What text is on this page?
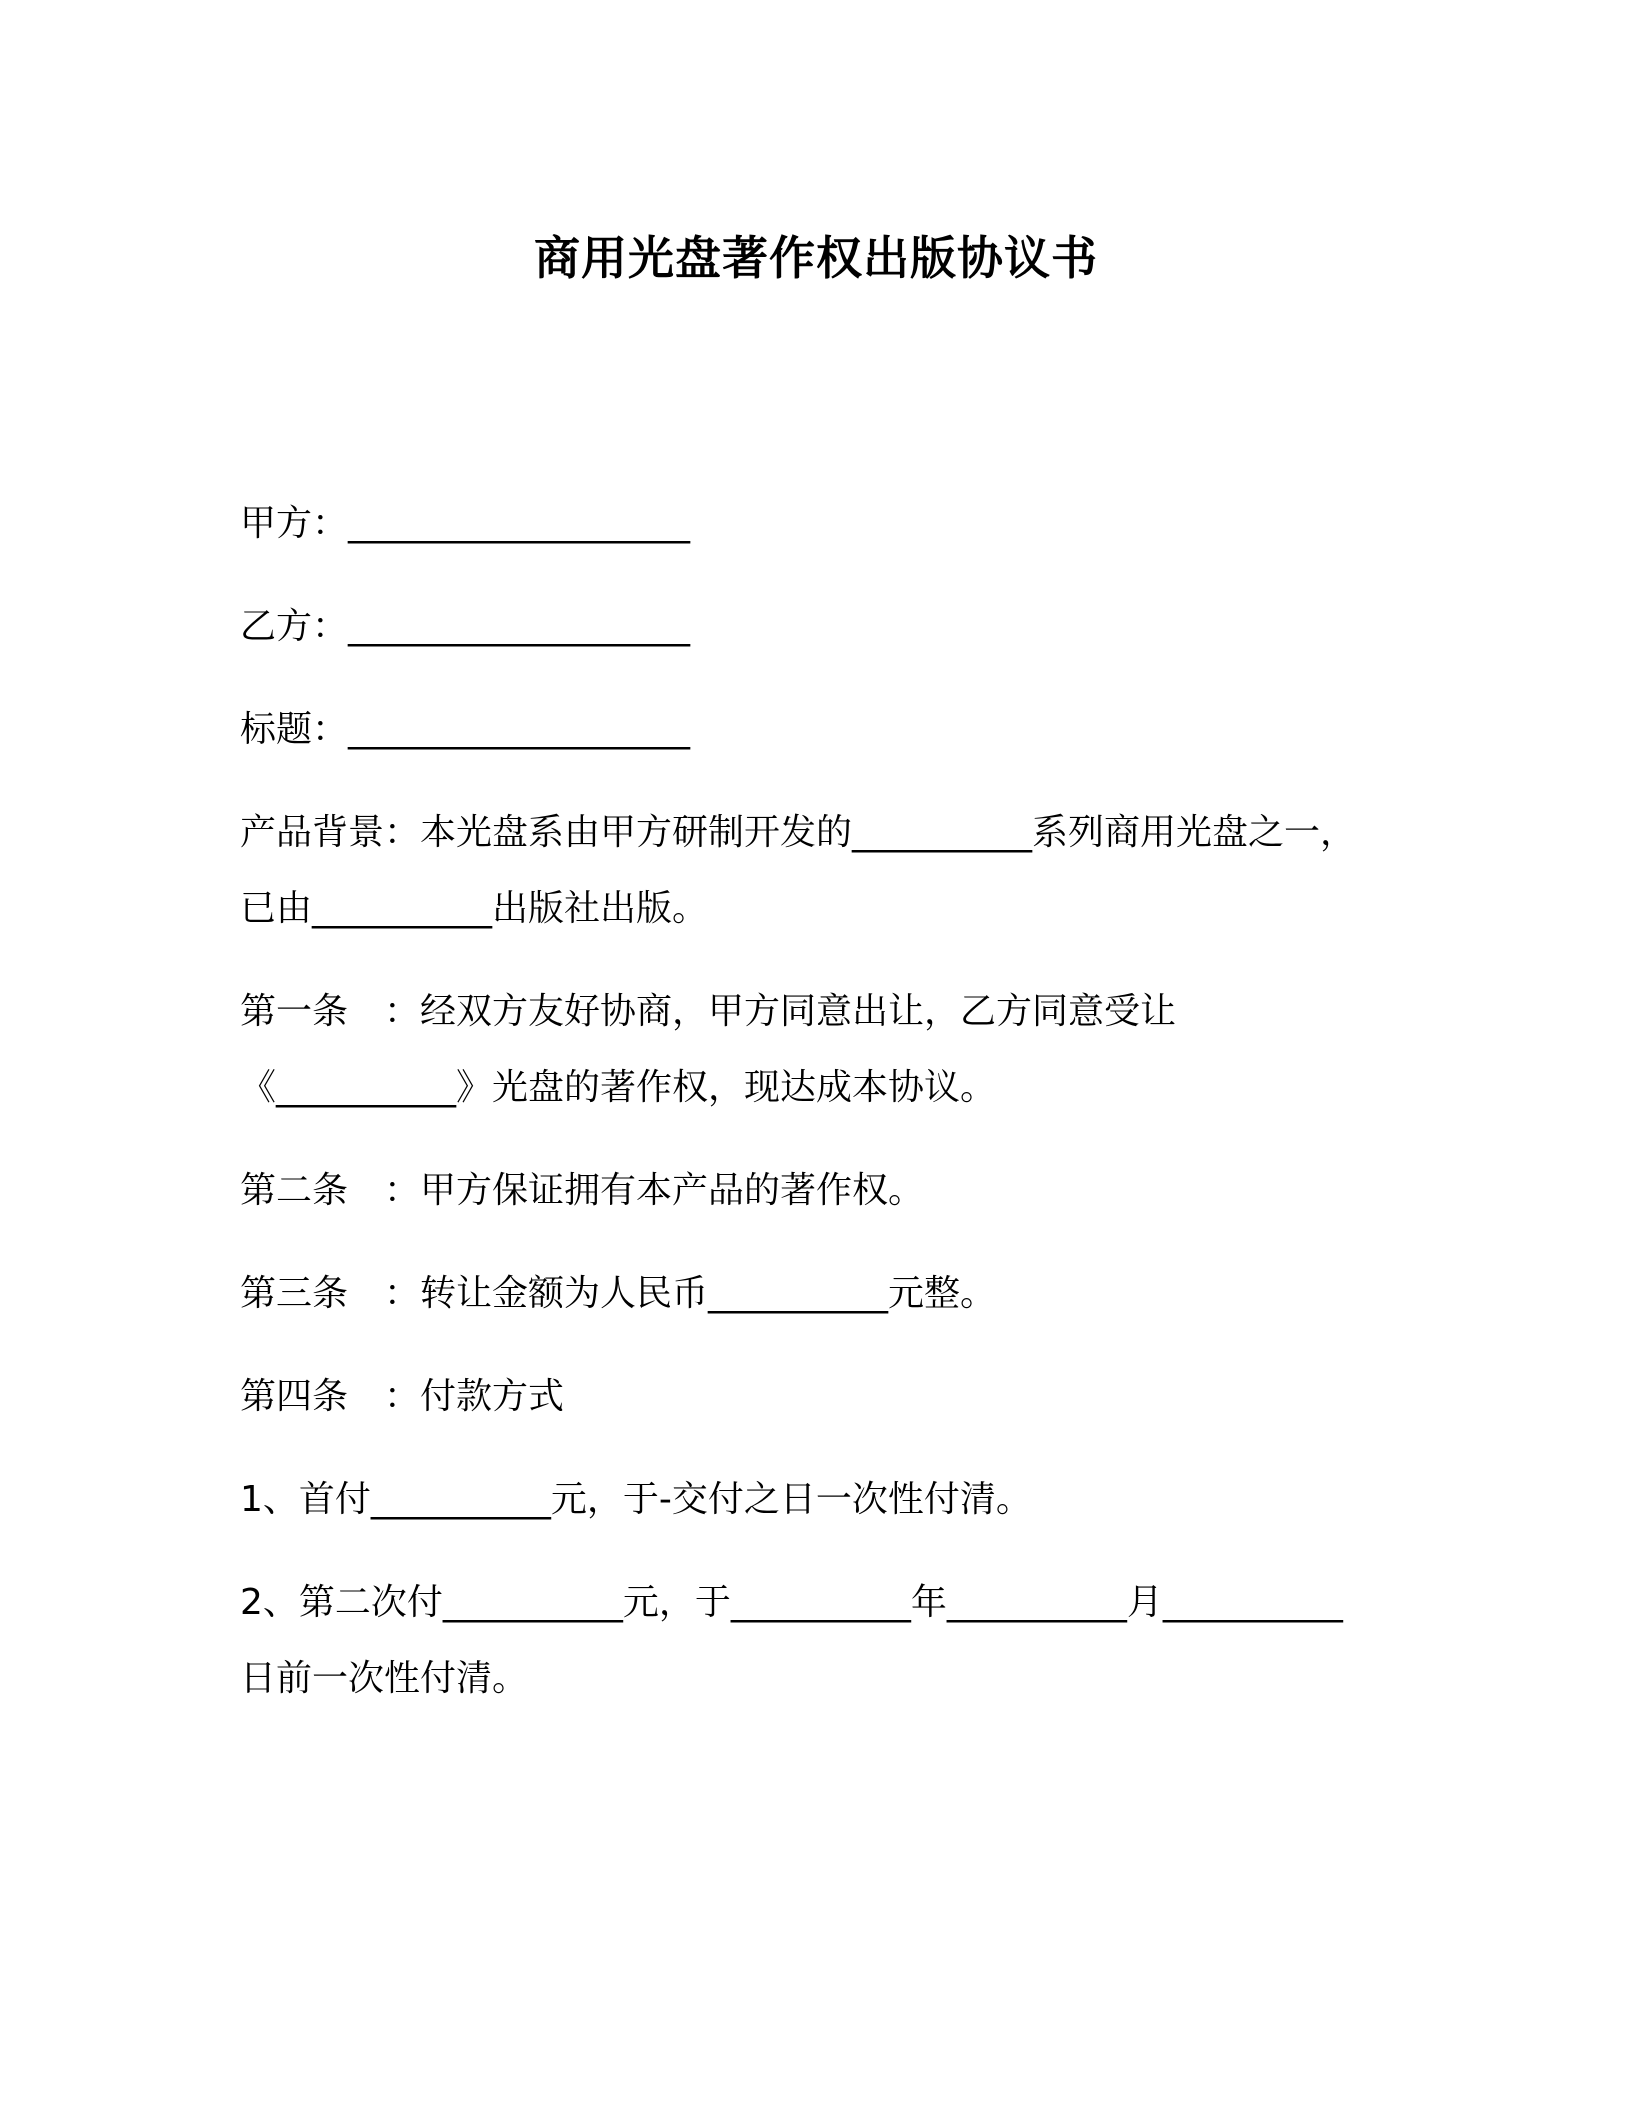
商用光盘著作权出版协议书
甲方：___________________
乙方：___________________
标题：___________________
产品背景：本光盘系由甲方研制开发的__________系列商用光盘之一，
已由__________出版社出版。
第一条　：经双方友好协商，甲方同意出让，乙方同意受让
《__________》光盘的著作权，现达成本协议。
第二条　：甲方保证拥有本产品的著作权。
第三条　：转让金额为人民币__________元整。
第四条　：付款方式
1、首付__________元，于-交付之日一次性付清。
2、第二次付__________元，于__________年__________月__________
日前一次性付清。
